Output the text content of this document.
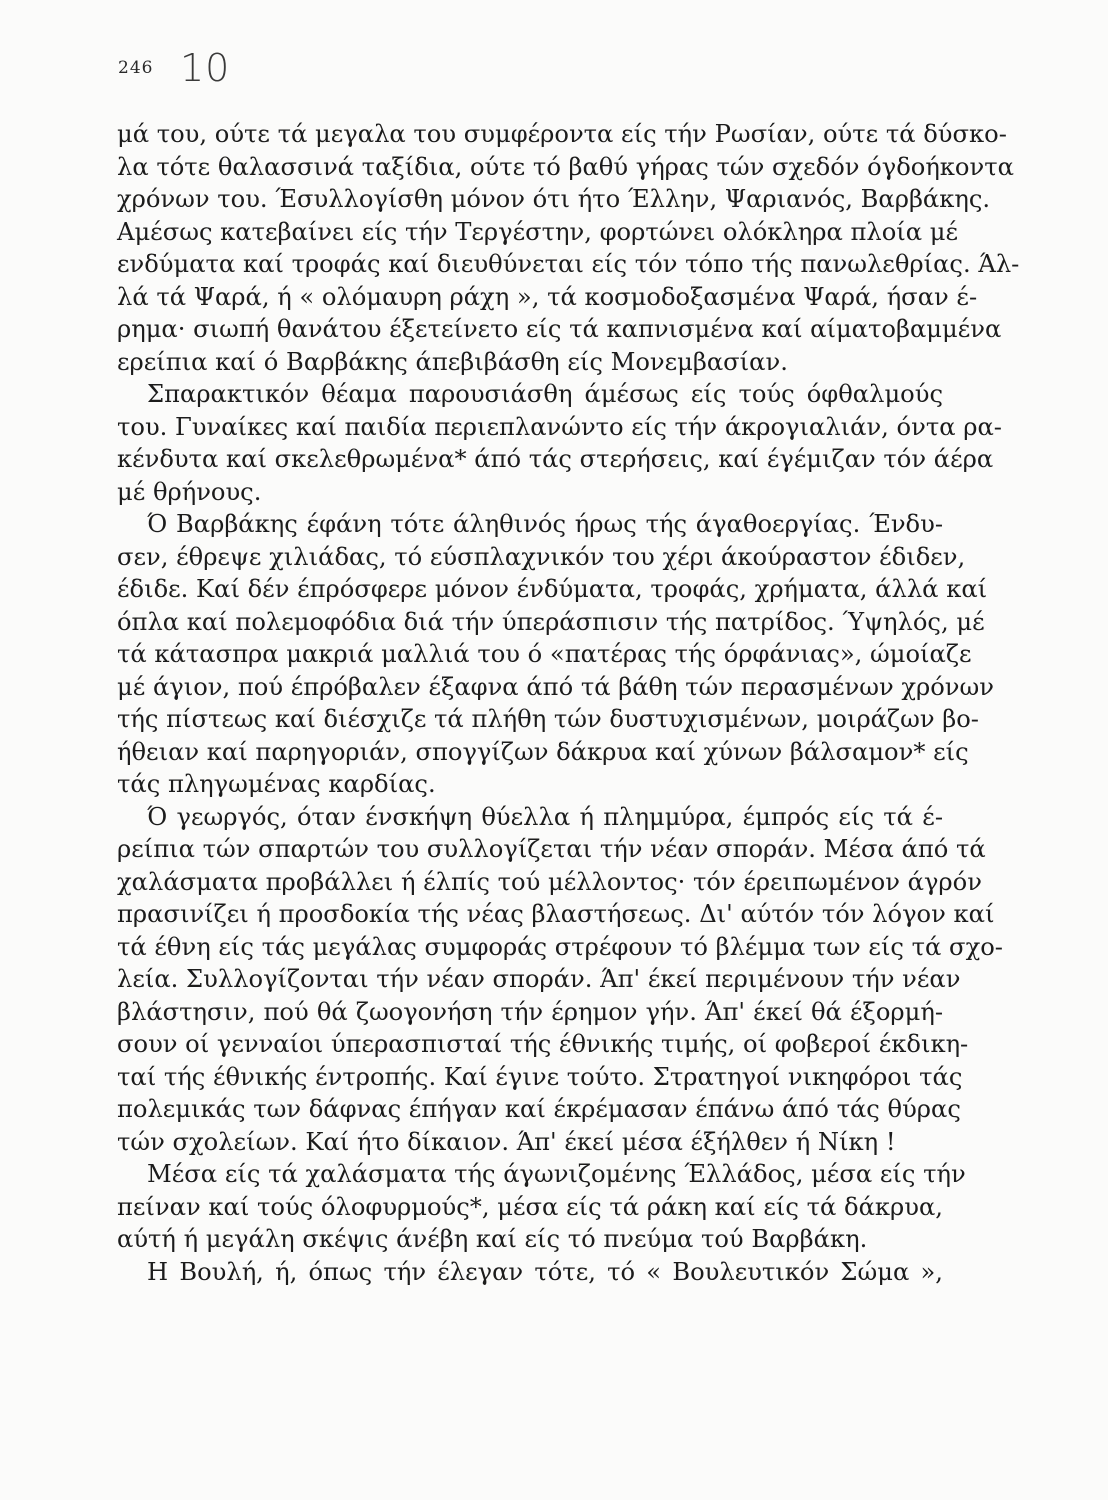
246 10
μά του, ούτε τά μεγαλα του συμφέροντα είς τήν Ρωσίαν, ούτε τά δύσκο-
λα τότε θαλασσινά ταξίδια, ούτε τό βαθύ γήρας τών σχεδόν όγδοήκοντα
χρόνων του. Έσυλλογίσθη μόνον ότι ήτο Έλλην, Ψαριανός, Βαρβάκης.
Αμέσως κατεβαίνει είς τήν Τεργέστην, φορτώνει ολόκληρα πλοία μέ
ενδύματα καί τροφάς καί διευθύνεται είς τόν τόπο τής πανωλεθρίας. Άλ-
λά τά Ψαρά, ή « ολόμαυρη ράχη », τά κοσμοδοξασμένα Ψαρά, ήσαν έ-
ρημα· σιωπή θανάτου έξετείνετο είς τά καπνισμένα καί αίματοβαμμένα
ερείπια καί ό Βαρβάκης άπεβιβάσθη είς Μονεμβασίαν.
Σπαρακτικόν θέαμα παρουσιάσθη άμέσως είς τούς όφθαλμούς
του. Γυναίκες καί παιδία περιεπλανώντο είς τήν άκρογιαλιάν, όντα ρα-
κένδυτα καί σκελεθρωμένα* άπό τάς στερήσεις, καί έγέμιζαν τόν άέρα
μέ θρήνους.
Ό Βαρβάκης έφάνη τότε άληθινός ήρως τής άγαθοεργίας. Ένδυ-
σεν, έθρεψε χιλιάδας, τό εύσπλαχνικόν του χέρι άκούραστον έδιδεν,
έδιδε. Καί δέν έπρόσφερε μόνον ένδύματα, τροφάς, χρήματα, άλλά καί
όπλα καί πολεμοφόδια διά τήν ύπεράσπισιν τής πατρίδος. Ύψηλός, μέ
τά κάτασπρα μακριά μαλλιά του ό «πατέρας τής όρφάνιας», ώμοίαζε
μέ άγιον, πού έπρόβαλεν έξαφνα άπό τά βάθη τών περασμένων χρόνων
τής πίστεως καί διέσχιζε τά πλήθη τών δυστυχισμένων, μοιράζων βο-
ήθειαν καί παρηγοριάν, σπογγίζων δάκρυα καί χύνων βάλσαμον* είς
τάς πληγωμένας καρδίας.
Ό γεωργός, όταν ένσκήψη θύελλα ή πλημμύρα, έμπρός είς τά έ-
ρείπια τών σπαρτών του συλλογίζεται τήν νέαν σποράν. Μέσα άπό τά
χαλάσματα προβάλλει ή έλπίς τού μέλλοντος· τόν έρειπωμένον άγρόν
πρασινίζει ή προσδοκία τής νέας βλαστήσεως. Δι' αύτόν τόν λόγον καί
τά έθνη είς τάς μεγάλας συμφοράς στρέφουν τό βλέμμα των είς τά σχο-
λεία. Συλλογίζονται τήν νέαν σποράν. Άπ' έκεί περιμένουν τήν νέαν
βλάστησιν, πού θά ζωογονήση τήν έρημον γήν. Άπ' έκεί θά έξορμή-
σουν οί γενναίοι ύπερασπισταί τής έθνικής τιμής, οί φοβεροί έκδικη-
ταί τής έθνικής έντροπής. Καί έγινε τούτο. Στρατηγοί νικηφόροι τάς
πολεμικάς των δάφνας έπήγαν καί έκρέμασαν έπάνω άπό τάς θύρας
τών σχολείων. Καί ήτο δίκαιον. Άπ' έκεί μέσα έξήλθεν ή Νίκη !
Μέσα είς τά χαλάσματα τής άγωνιζομένης Έλλάδος, μέσα είς τήν
πείναν καί τούς όλοφυρμούς*, μέσα είς τά ράκη καί είς τά δάκρυα,
αύτή ή μεγάλη σκέψις άνέβη καί είς τό πνεύμα τού Βαρβάκη.
Η Βουλή, ή, όπως τήν έλεγαν τότε, τό « Βουλευτικόν Σώμα »,
